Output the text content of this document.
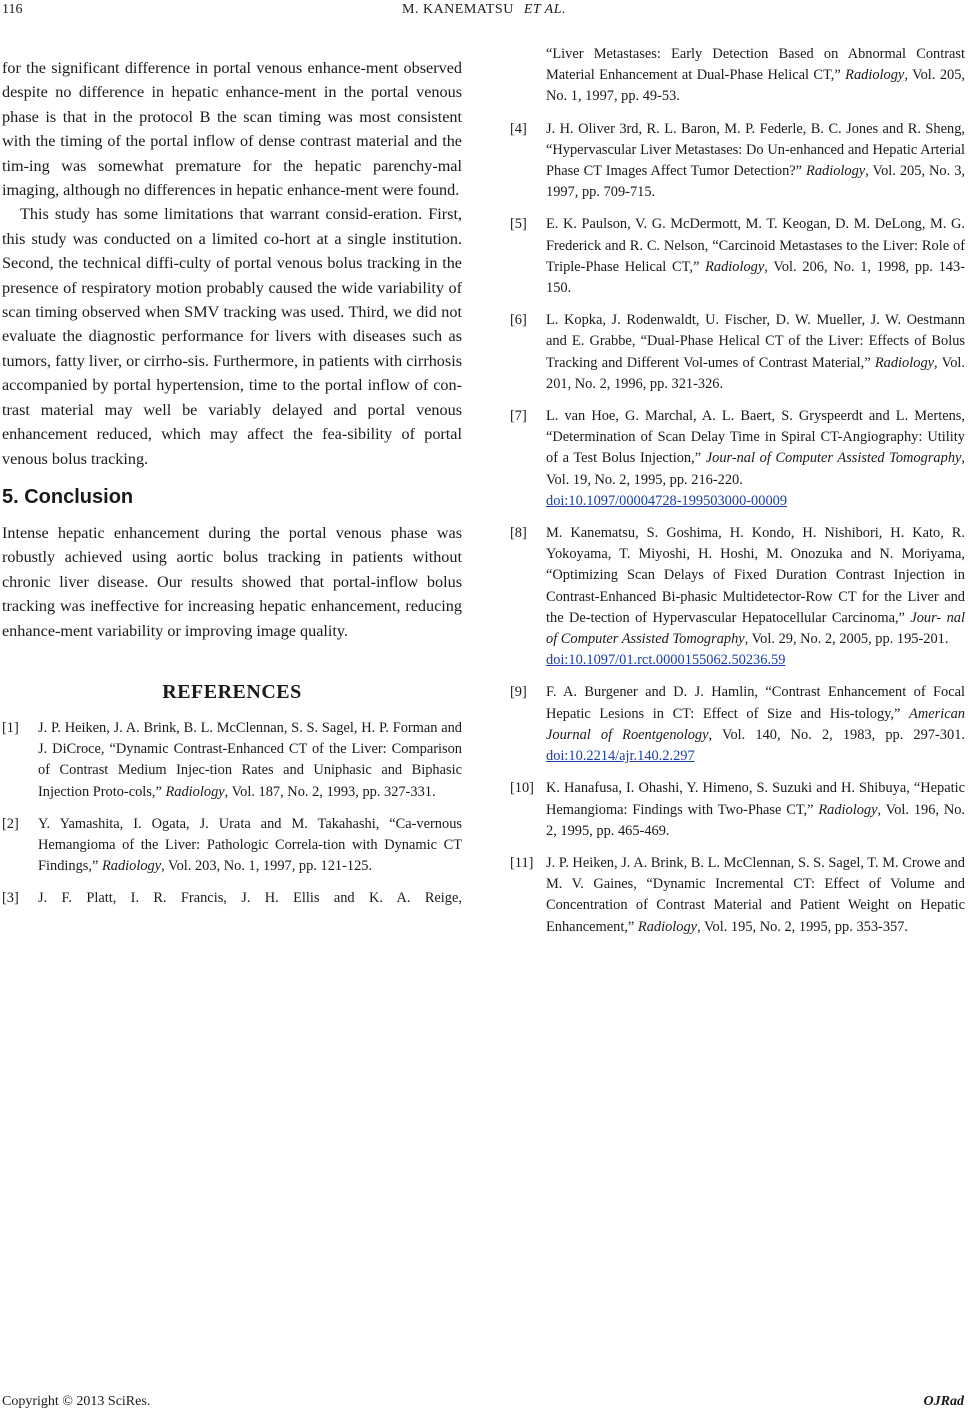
116	M. KANEMATSU ET AL.

for the significant difference in portal venous enhance-ment observed despite no difference in hepatic enhance-ment in the portal venous phase is that in the protocol B the scan timing was most consistent with the timing of the portal inflow of dense contrast material and the tim-ing was somewhat premature for the hepatic parenchy-mal imaging, although no differences in hepatic enhance-ment were found.

This study has some limitations that warrant consid-eration. First, this study was conducted on a limited co-hort at a single institution. Second, the technical diffi-culty of portal venous bolus tracking in the presence of respiratory motion probably caused the wide variability of scan timing observed when SMV tracking was used. Third, we did not evaluate the diagnostic performance for livers with diseases such as tumors, fatty liver, or cirrho-sis. Furthermore, in patients with cirrhosis accompanied by portal hypertension, time to the portal inflow of con-trast material may well be variably delayed and portal venous enhancement reduced, which may affect the fea-sibility of portal venous bolus tracking.

5. Conclusion

Intense hepatic enhancement during the portal venous phase was robustly achieved using aortic bolus tracking in patients without chronic liver disease. Our results showed that portal-inflow bolus tracking was ineffective for increasing hepatic enhancement, reducing enhance-ment variability or improving image quality.

REFERENCES
[1]	J. P. Heiken, J. A. Brink, B. L. McClennan, S. S. Sagel, H. P. Forman and J. DiCroce, “Dynamic Contrast-Enhanced CT of the Liver: Comparison of Contrast Medium Injec-tion Rates and Uniphasic and Biphasic Injection Proto-cols,” Radiology, Vol. 187, No. 2, 1993, pp. 327-331.
[2]	Y. Yamashita, I. Ogata, J. Urata and M. Takahashi, “Ca-vernous Hemangioma of the Liver: Pathologic Correla-tion with Dynamic CT Findings,” Radiology, Vol. 203, No. 1, 1997, pp. 121-125.
[3]	J. F. Platt, I. R. Francis, J. H. Ellis and K. A. Reige,
“Liver Metastases: Early Detection Based on Abnormal Contrast Material Enhancement at Dual-Phase Helical CT,” Radiology, Vol. 205, No. 1, 1997, pp. 49-53.
[4]	J. H. Oliver 3rd, R. L. Baron, M. P. Federle, B. C. Jones and R. Sheng, “Hypervascular Liver Metastases: Do Un-enhanced and Hepatic Arterial Phase CT Images Affect Tumor Detection?” Radiology, Vol. 205, No. 3, 1997, pp. 709-715.
[5]	E. K. Paulson, V. G. McDermott, M. T. Keogan, D. M. DeLong, M. G. Frederick and R. C. Nelson, “Carcinoid Metastases to the Liver: Role of Triple-Phase Helical CT,” Radiology, Vol. 206, No. 1, 1998, pp. 143-150.
[6]	L. Kopka, J. Rodenwaldt, U. Fischer, D. W. Mueller, J. W. Oestmann and E. Grabbe, “Dual-Phase Helical CT of the Liver: Effects of Bolus Tracking and Different Vol-umes of Contrast Material,” Radiology, Vol. 201, No. 2, 1996, pp. 321-326.
[7]	L. van Hoe, G. Marchal, A. L. Baert, S. Gryspeerdt and L. Mertens, “Determination of Scan Delay Time in Spiral CT-Angiography: Utility of a Test Bolus Injection,” Jour-nal of Computer Assisted Tomography, Vol. 19, No. 2, 1995, pp. 216-220.
doi:10.1097/00004728-199503000-00009
[8]	M. Kanematsu, S. Goshima, H. Kondo, H. Nishibori, H. Kato, R. Yokoyama, T. Miyoshi, H. Hoshi, M. Onozuka and N. Moriyama, “Optimizing Scan Delays of Fixed Duration Contrast Injection in Contrast-Enhanced Bi-phasic Multidetector-Row CT for the Liver and the De-tection of Hypervascular Hepatocellular Carcinoma,” Jour- nal of Computer Assisted Tomography, Vol. 29, No. 2, 2005, pp. 195-201.
doi:10.1097/01.rct.0000155062.50236.59
[9]	F. A. Burgener and D. J. Hamlin, “Contrast Enhancement of Focal Hepatic Lesions in CT: Effect of Size and His-tology,” American Journal of Roentgenology, Vol. 140, No. 2, 1983, pp. 297-301. doi:10.2214/ajr.140.2.297
[10] K. Hanafusa, I. Ohashi, Y. Himeno, S. Suzuki and H. Shibuya, “Hepatic Hemangioma: Findings with Two-Phase CT,” Radiology, Vol. 196, No. 2, 1995, pp. 465-469.
[11] J. P. Heiken, J. A. Brink, B. L. McClennan, S. S. Sagel, T. M. Crowe and M. V. Gaines, “Dynamic Incremental CT: Effect of Volume and Concentration of Contrast Material and Patient Weight on Hepatic Enhancement,” Radiology, Vol. 195, No. 2, 1995, pp. 353-357.
Copyright © 2013 SciRes.	OJRad
